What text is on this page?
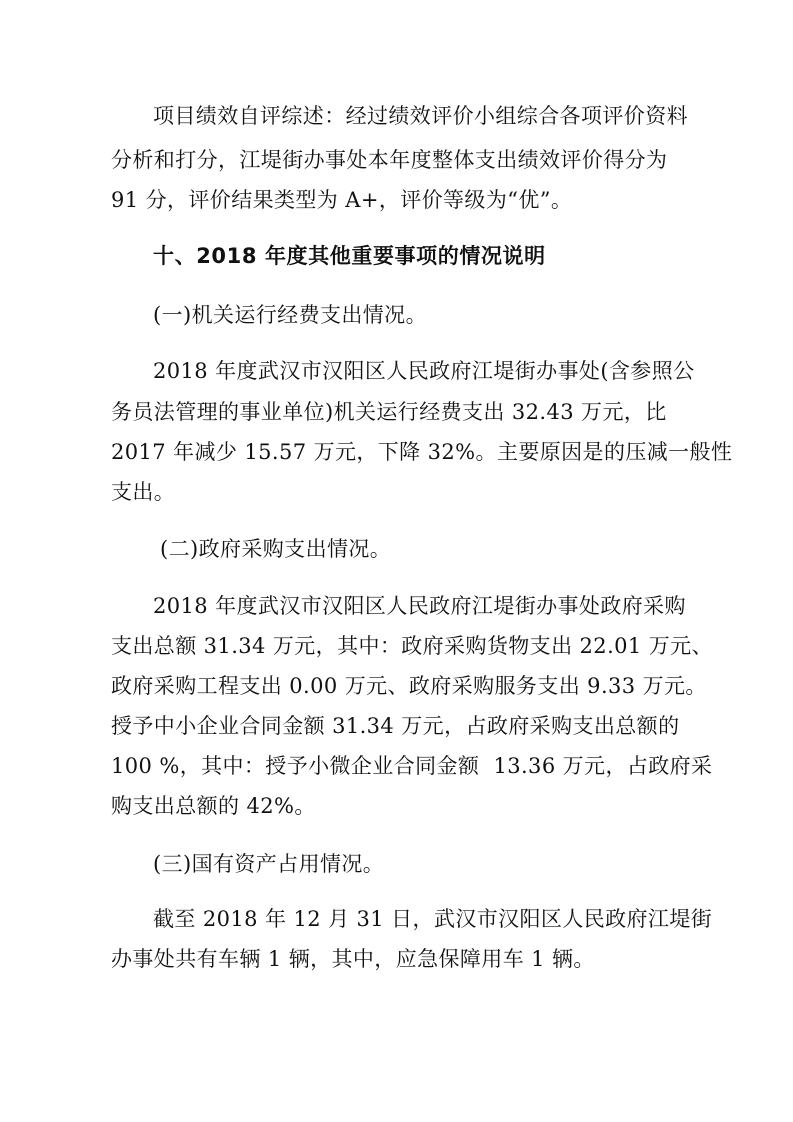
项目绩效自评综述：经过绩效评价小组综合各项评价资料
分析和打分，江堤街办事处本年度整体支出绩效评价得分为
91 分，评价结果类型为 A+，评价等级为“优”。
十、2018 年度其他重要事项的情况说明
(一)机关运行经费支出情况。
2018 年度武汉市汉阳区人民政府江堤街办事处(含参照公
务员法管理的事业单位)机关运行经费支出 32.43 万元，比
2017 年减少 15.57 万元，下降 32%。主要原因是的压减一般性
支出。
(二)政府采购支出情况。
2018 年度武汉市汉阳区人民政府江堤街办事处政府采购
支出总额 31.34 万元，其中：政府采购货物支出 22.01 万元、
政府采购工程支出 0.00 万元、政府采购服务支出 9.33 万元。
授予中小企业合同金额 31.34 万元，占政府采购支出总额的
100 %，其中：授予小微企业合同金额  13.36 万元，占政府采
购支出总额的 42%。
(三)国有资产占用情况。
截至 2018 年 12 月 31 日，武汉市汉阳区人民政府江堤街
办事处共有车辆 1 辆，其中，应急保障用车 1 辆。
